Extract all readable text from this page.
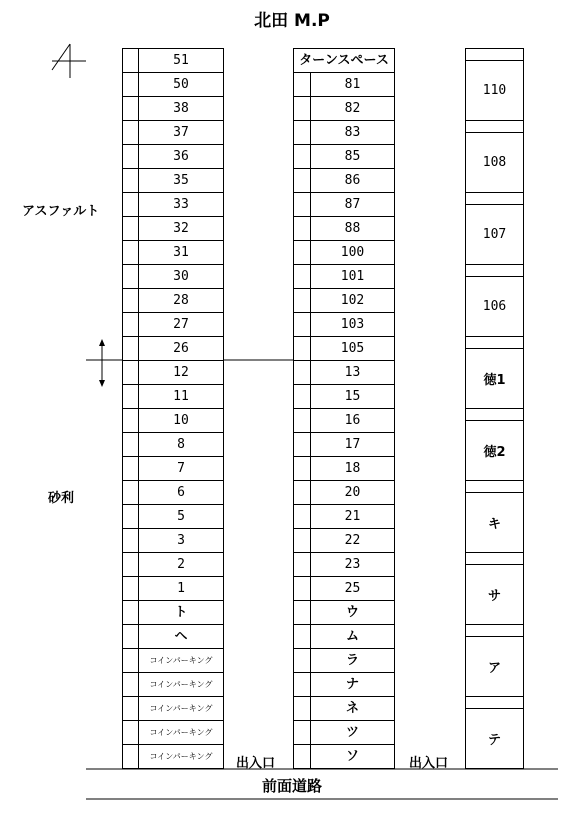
北田 M.P
アスファルト
砂利
51
50
38
37
36
35
33
32
31
30
28
27
26
12
11
10
8
7
6
5
3
2
1
ト
ヘ
コインパーキング
コインパーキング
コインパーキング
コインパーキング
コインパーキング
ターンスペース
81
82
83
85
86
87
88
100
101
102
103
105
13
15
16
17
18
20
21
22
23
25
ウ
ム
ラ
ナ
ネ
ツ
ソ
110
108
107
106
徳1
徳2
キ
サ
ア
テ
出入口	出入口
前面道路
